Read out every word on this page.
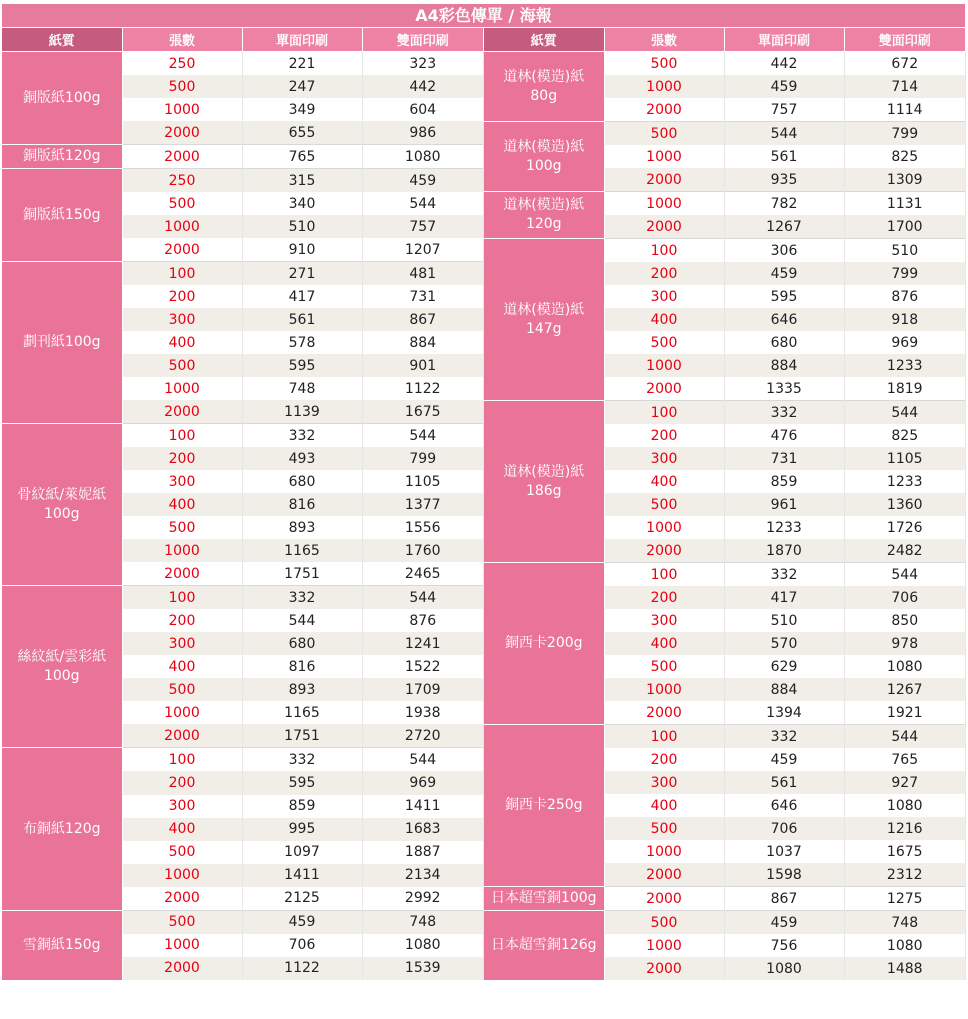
A4彩色傳單 / 海報
紙質	張數	單面印刷	雙面印刷
銅版紙100g	250	221	323
	500	247	442
	1000	349	604
	2000	655	986
銅版紙120g	2000	765	1080
銅版紙150g	250	315	459
	500	340	544
	1000	510	757
	2000	910	1207
劃刊紙100g	100	271	481
	200	417	731
	300	561	867
	400	578	884
	500	595	901
	1000	748	1122
	2000	1139	1675
骨紋紙/萊妮紙
100g	100	332	544
	200	493	799
	300	680	1105
	400	816	1377
	500	893	1556
	1000	1165	1760
	2000	1751	2465
絲紋紙/雲彩紙
100g	100	332	544
	200	544	876
	300	680	1241
	400	816	1522
	500	893	1709
	1000	1165	1938
	2000	1751	2720
布銅紙120g	100	332	544
	200	595	969
	300	859	1411
	400	995	1683
	500	1097	1887
	1000	1411	2134
	2000	2125	2992
雪銅紙150g	500	459	748
	1000	706	1080
	2000	1122	1539
紙質	張數	單面印刷	雙面印刷
道林(模造)紙
80g	500	442	672
	1000	459	714
	2000	757	1114
道林(模造)紙
100g	500	544	799
	1000	561	825
	2000	935	1309
道林(模造)紙
120g	1000	782	1131
	2000	1267	1700
道林(模造)紙
147g	100	306	510
	200	459	799
	300	595	876
	400	646	918
	500	680	969
	1000	884	1233
	2000	1335	1819
道林(模造)紙
186g	100	332	544
	200	476	825
	300	731	1105
	400	859	1233
	500	961	1360
	1000	1233	1726
	2000	1870	2482
銅西卡200g	100	332	544
	200	417	706
	300	510	850
	400	570	978
	500	629	1080
	1000	884	1267
	2000	1394	1921
銅西卡250g	100	332	544
	200	459	765
	300	561	927
	400	646	1080
	500	706	1216
	1000	1037	1675
	2000	1598	2312
日本超雪銅100g	2000	867	1275
日本超雪銅126g	500	459	748
	1000	756	1080
	2000	1080	1488
